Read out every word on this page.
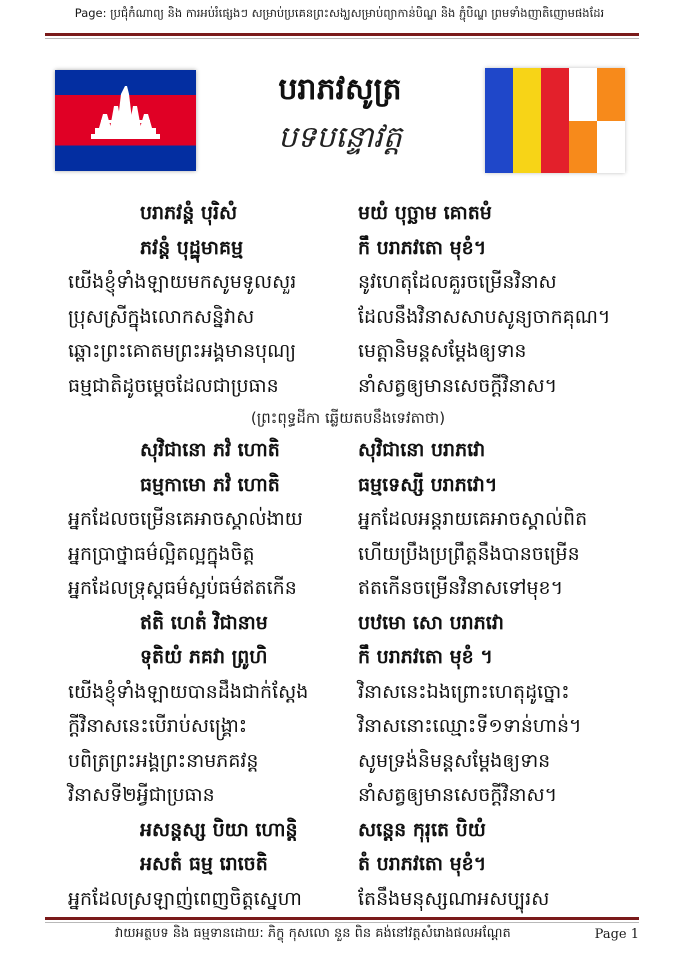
Page: ប្រជុំកំណាព្យ និង ការអប់រំផ្សេងៗ សម្រាប់ប្រគេនព្រះសង្ឃសម្រាប់ព្យាកាន់បិណ្ឌ និង ភ្ជុំបិណ្ឌ ព្រមទាំងញាតិញោមផងដែរ
បរាភវសូត្រ
បទបន្ទោវត្ត
បរាភវន្តំ បុរិសំ	មយំ បុច្ឆាម គោតមំ
ភវន្តំ បុដ្ឋុមាគម្ម	កឹ បរាភវតោ មុខំ។
យើងខ្ញុំទាំងឡាយមកសូមទូលសួរ	នូវហេតុដែលគួរចម្រើនវិនាស
ប្រុសស្រីក្នុងលោកសន្និវាស	ដែលនឹងវិនាសសាបសូន្យចាកគុណ។
ឆ្ពោះព្រះគោតមព្រះអង្គមានបុណ្យ	មេត្តានិមន្តសម្តែងឲ្យទាន
ធម្មជាតិដូចម្តេចដែលជាប្រធាន	នាំសត្វឲ្យមានសេចក្តីវិនាស។
(ព្រះពុទ្ធដីកា ឆ្លើយតបនឹងទេវតាថា)
សុវិជានោ ភវំ ហោតិ	សុវិជានោ បរាភវោ
ធម្មកាមោ ភវំ ហោតិ	ធម្មទេស្សី បរាភវោ។
អ្នកដែលចម្រើនគេអាចស្គាល់ងាយ	អ្នកដែលអន្តរាយគេអាចស្គាល់ពិត
អ្នកប្រាថ្នាធម៌ល្អិតល្អក្នុងចិត្ត	ហើយប្រឹងប្រព្រឹត្តនឹងបានចម្រើន
អ្នកដែលទ្រុស្តធម៌ស្អប់ធម៌ឥតកើន	ឥតកើនចម្រើនវិនាសទៅមុខ។
ឥតិ ហេតំ វិជានាម	បឋមោ សោ បរាភវោ
ទុតិយំ ភគវា ព្រូហិ	កឹ បរាភវតោ មុខំ ។
យើងខ្ញុំទាំងឡាយបានដឹងជាក់ស្តែង	វិនាសនេះឯងព្រោះហេតុដូច្នោះ
ក្តីវិនាសនេះបើរាប់សង្គ្រោះ	វិនាសនោះឈ្មោះទី១ទាន់ហាន់។
បពិត្រព្រះអង្គព្រះនាមភគវន្ត	សូមទ្រង់និមន្តសម្តែងឲ្យទាន
វិនាសទី២អ្វីជាប្រធាន	នាំសត្វឲ្យមានសេចក្តីវិនាស។
អសន្តស្ស បិយា ហោន្តិ	សន្តេន កុរុតេ បិយំ
អសតំ ធម្ម រោចេតិ	តំ បរាភវតោ មុខំ។
អ្នកដែលស្រឡាញ់ពេញចិត្តស្នេហា	តែនឹងមនុស្សណាអសប្បុរស
វាយអត្ថបទ និង ធម្មទានដោយ: ភិក្ខុ កុសលោ នួន ពិន គង់នៅវត្តសំរោងផលអណ្តែត	Page 1
